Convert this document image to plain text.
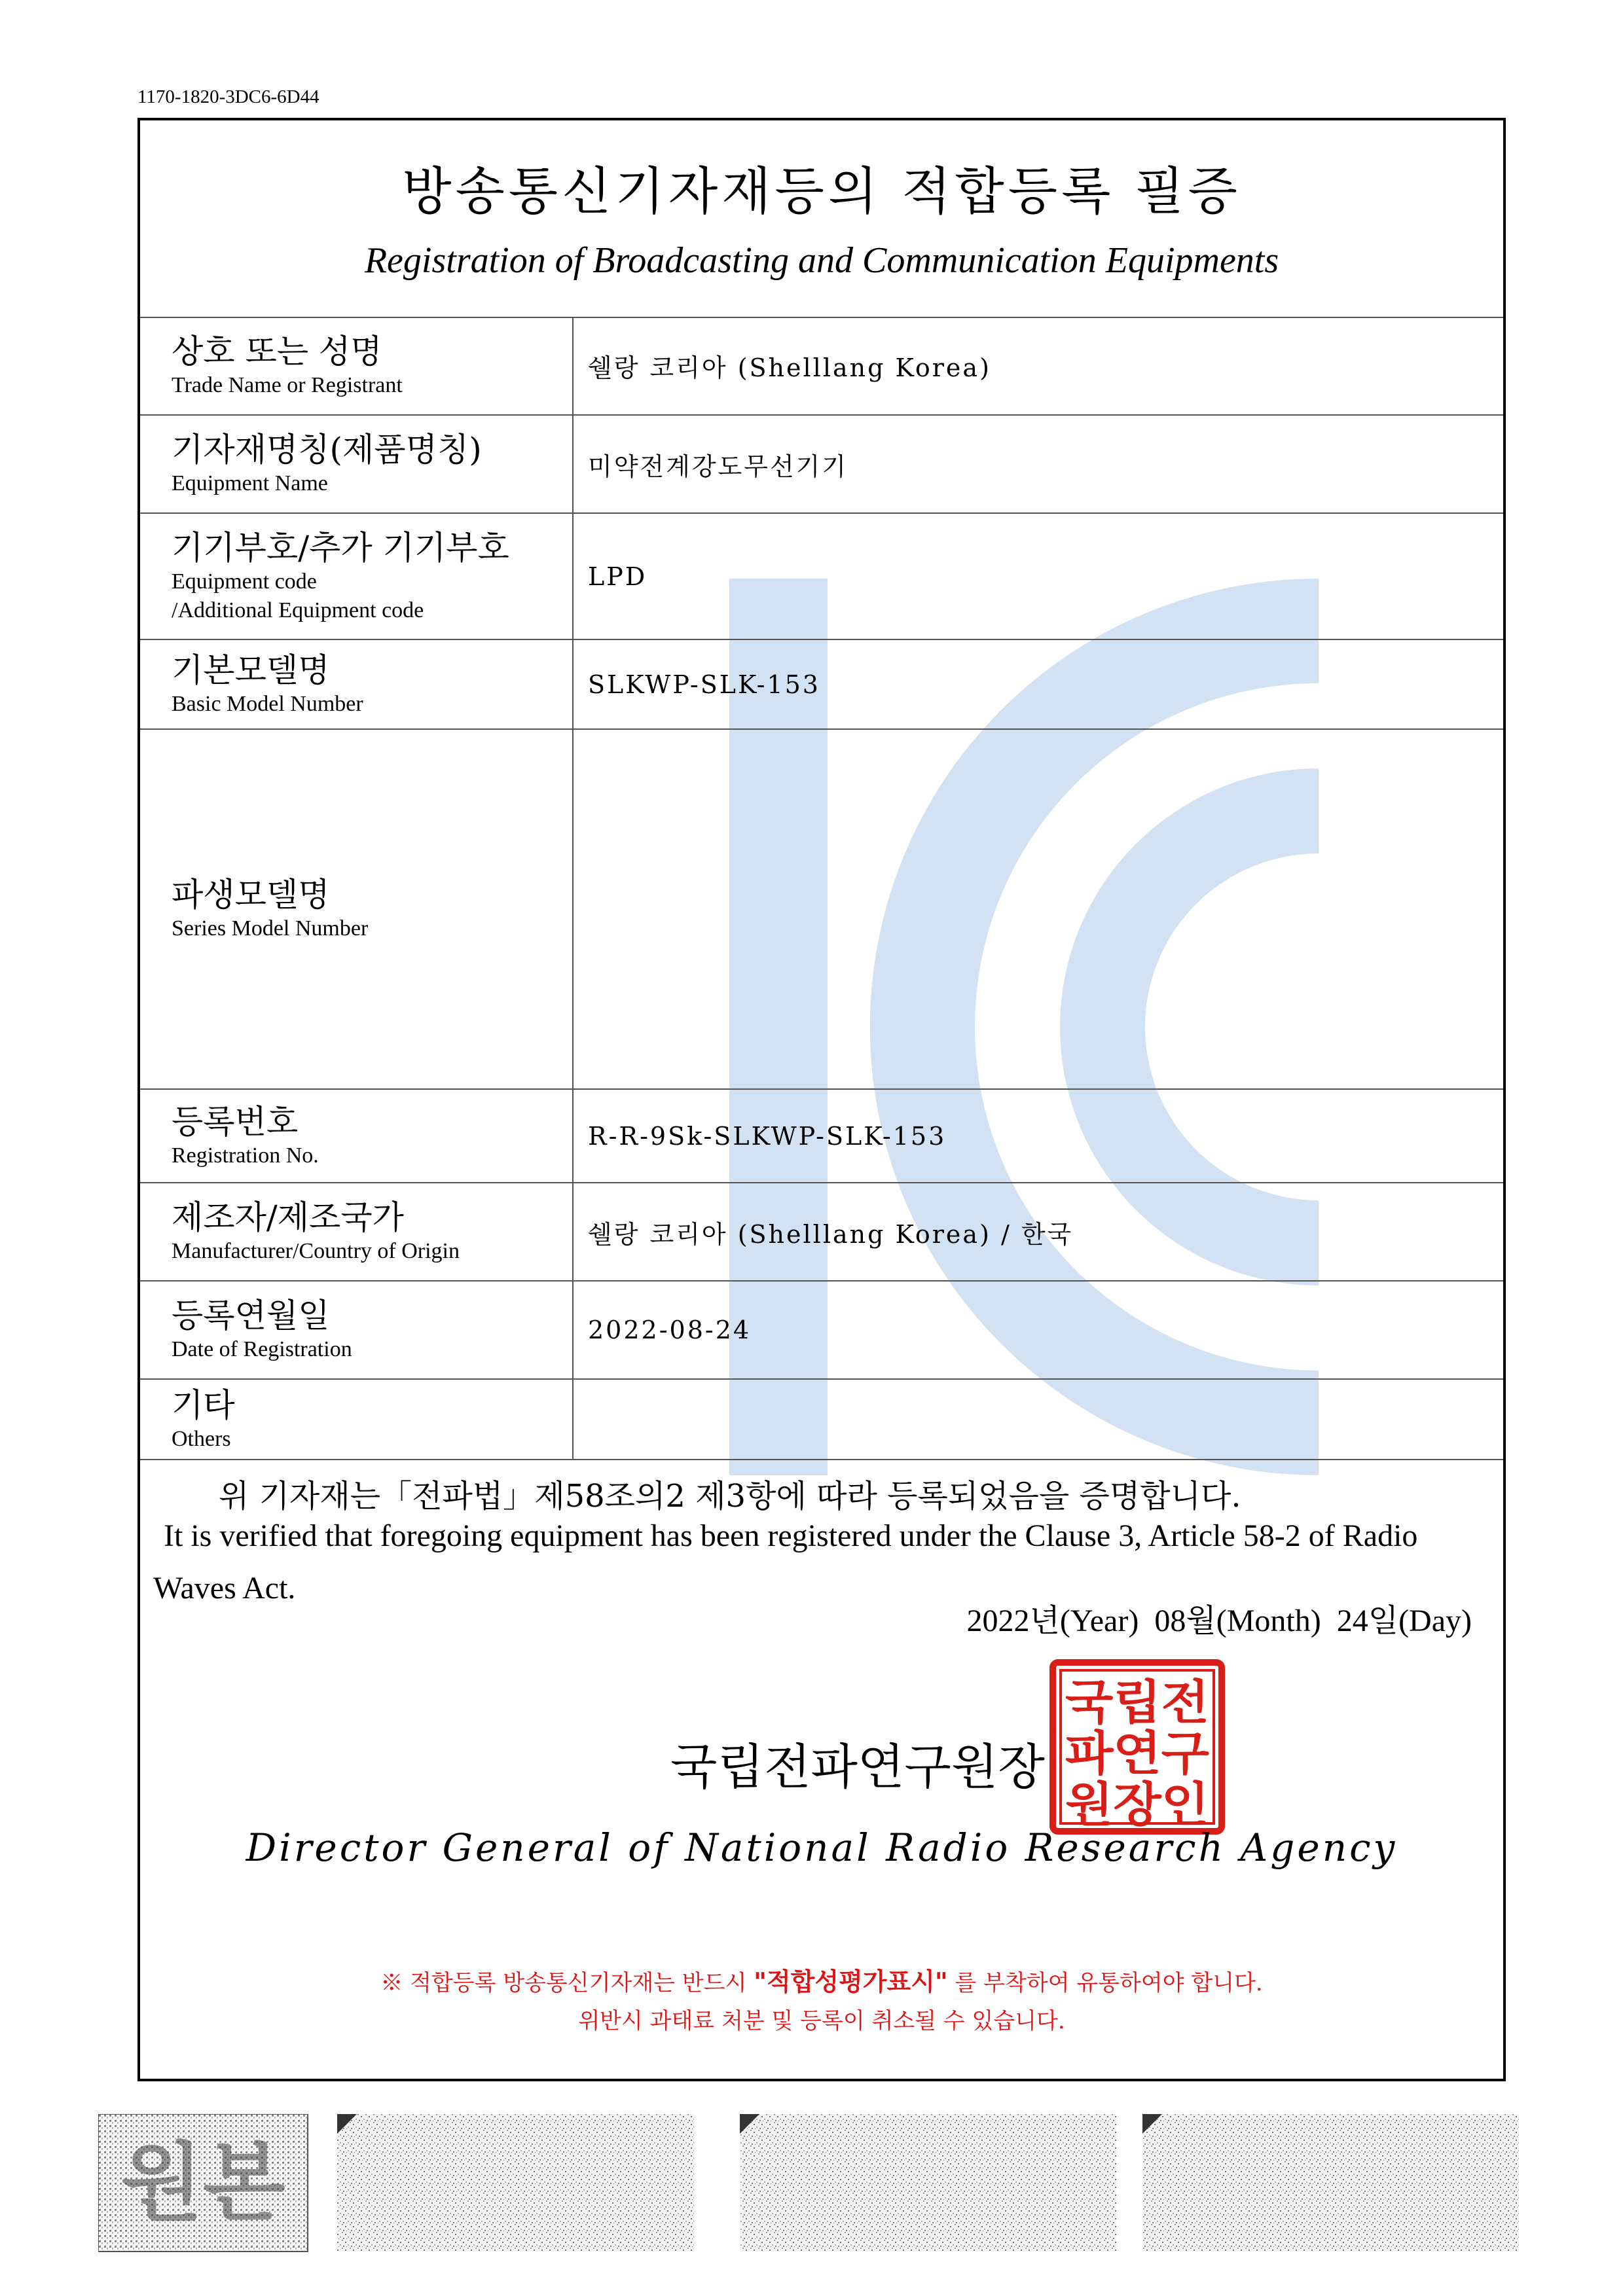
1170-1820-3DC6-6D44
방송통신기자재등의 적합등록 필증
Registration of Broadcasting and Communication Equipments
상호 또는 성명
Trade Name or Registrant	쉘랑 코리아 (Shelllang Korea)

기자재명칭(제품명칭)
Equipment Name	미약전계강도무선기기

기기부호/추가 기기부호
Equipment code
/Additional Equipment code	LPD

기본모델명
Basic Model Number	SLKWP-SLK-153

파생모델명
Series Model Number	

등록번호
Registration No.	R-R-9Sk-SLKWP-SLK-153

제조자/제조국가
Manufacturer/Country of Origin	쉘랑 코리아 (Shelllang Korea) / 한국

등록연월일
Date of Registration	2022-08-24

기타
Others	

위 기자재는「전파법」제58조의2 제3항에 따라 등록되었음을 증명합니다.
It is verified that foregoing equipment has been registered under the Clause 3, Article 58-2 of Radio Waves Act.
2022년(Year) 08월(Month) 24일(Day)
국립전파연구원장
국립전
파연구
원장인
Director General of National Radio Research Agency
※ 적합등록 방송통신기자재는 반드시 "적합성평가표시" 를 부착하여 유통하여야 합니다.
위반시 과태료 처분 및 등록이 취소될 수 있습니다.
원본
